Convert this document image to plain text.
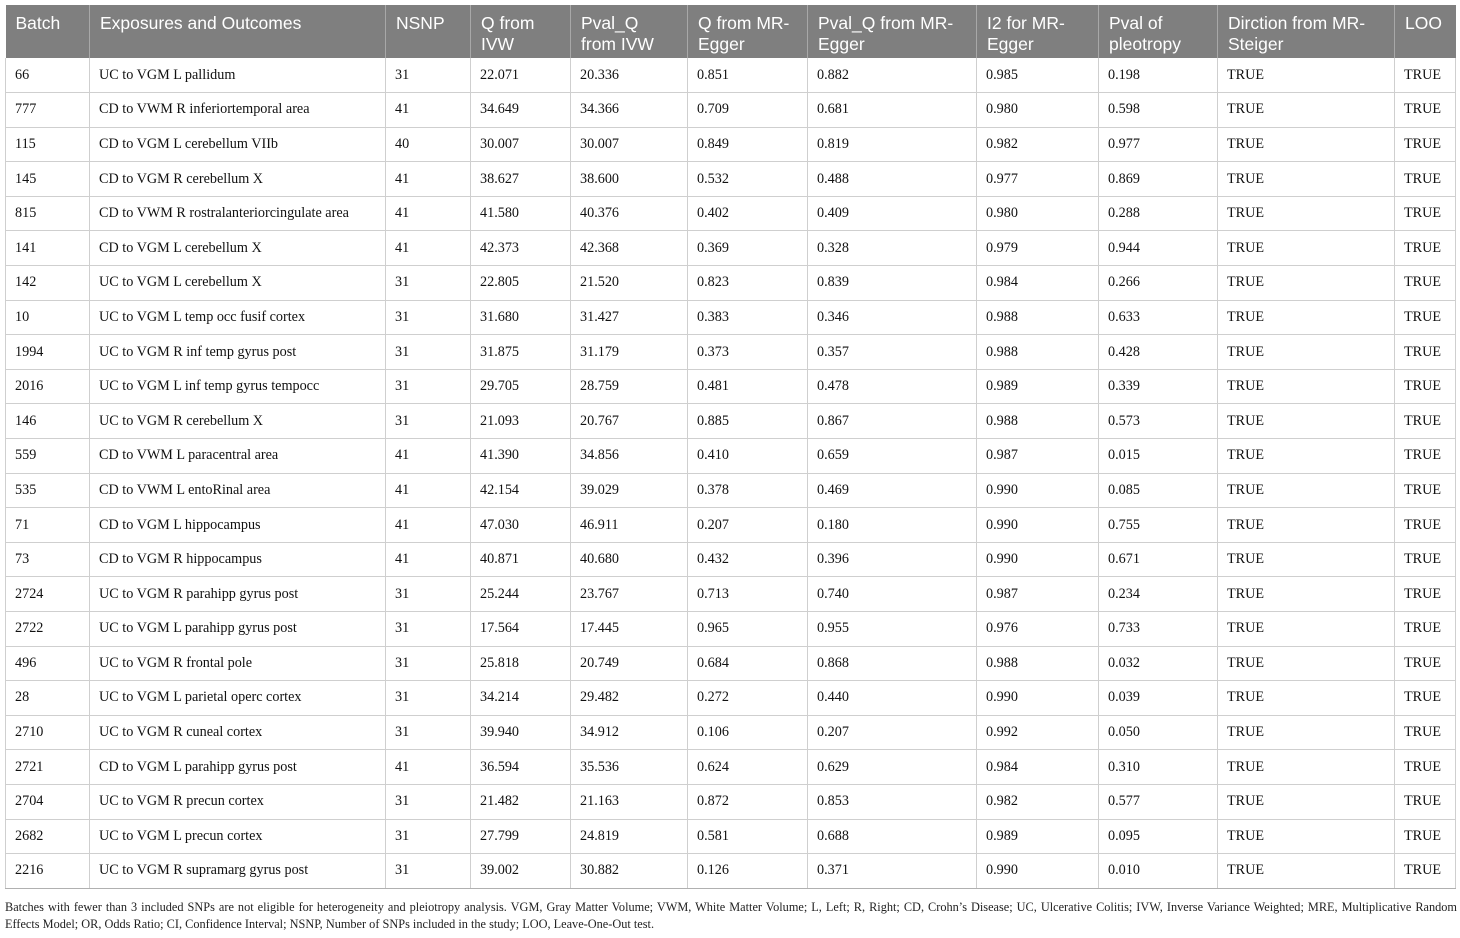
Batch	Exposures and Outcomes	NSNP	Q from IVW	Pval_Q from IVW	Q from MR-Egger	Pval_Q from MR-Egger	I2 for MR-Egger	Pval of pleotropy	Dirction from MR-Steiger	LOO
66	UC to VGM L pallidum	31	22.071	20.336	0.851	0.882	0.985	0.198	TRUE	TRUE
777	CD to VWM R inferiortemporal area	41	34.649	34.366	0.709	0.681	0.980	0.598	TRUE	TRUE
115	CD to VGM L cerebellum VIIb	40	30.007	30.007	0.849	0.819	0.982	0.977	TRUE	TRUE
145	CD to VGM R cerebellum X	41	38.627	38.600	0.532	0.488	0.977	0.869	TRUE	TRUE
815	CD to VWM R rostralanteriorcingulate area	41	41.580	40.376	0.402	0.409	0.980	0.288	TRUE	TRUE
141	CD to VGM L cerebellum X	41	42.373	42.368	0.369	0.328	0.979	0.944	TRUE	TRUE
142	UC to VGM L cerebellum X	31	22.805	21.520	0.823	0.839	0.984	0.266	TRUE	TRUE
10	UC to VGM L temp occ fusif cortex	31	31.680	31.427	0.383	0.346	0.988	0.633	TRUE	TRUE
1994	UC to VGM R inf temp gyrus post	31	31.875	31.179	0.373	0.357	0.988	0.428	TRUE	TRUE
2016	UC to VGM L inf temp gyrus tempocc	31	29.705	28.759	0.481	0.478	0.989	0.339	TRUE	TRUE
146	UC to VGM R cerebellum X	31	21.093	20.767	0.885	0.867	0.988	0.573	TRUE	TRUE
559	CD to VWM L paracentral area	41	41.390	34.856	0.410	0.659	0.987	0.015	TRUE	TRUE
535	CD to VWM L entoRinal area	41	42.154	39.029	0.378	0.469	0.990	0.085	TRUE	TRUE
71	CD to VGM L hippocampus	41	47.030	46.911	0.207	0.180	0.990	0.755	TRUE	TRUE
73	CD to VGM R hippocampus	41	40.871	40.680	0.432	0.396	0.990	0.671	TRUE	TRUE
2724	UC to VGM R parahipp gyrus post	31	25.244	23.767	0.713	0.740	0.987	0.234	TRUE	TRUE
2722	UC to VGM L parahipp gyrus post	31	17.564	17.445	0.965	0.955	0.976	0.733	TRUE	TRUE
496	UC to VGM R frontal pole	31	25.818	20.749	0.684	0.868	0.988	0.032	TRUE	TRUE
28	UC to VGM L parietal operc cortex	31	34.214	29.482	0.272	0.440	0.990	0.039	TRUE	TRUE
2710	UC to VGM R cuneal cortex	31	39.940	34.912	0.106	0.207	0.992	0.050	TRUE	TRUE
2721	CD to VGM L parahipp gyrus post	41	36.594	35.536	0.624	0.629	0.984	0.310	TRUE	TRUE
2704	UC to VGM R precun cortex	31	21.482	21.163	0.872	0.853	0.982	0.577	TRUE	TRUE
2682	UC to VGM L precun cortex	31	27.799	24.819	0.581	0.688	0.989	0.095	TRUE	TRUE
2216	UC to VGM R supramarg gyrus post	31	39.002	30.882	0.126	0.371	0.990	0.010	TRUE	TRUE
Batches with fewer than 3 included SNPs are not eligible for heterogeneity and pleiotropy analysis. VGM, Gray Matter Volume; VWM, White Matter Volume; L, Left; R, Right; CD, Crohn’s Disease; UC, Ulcerative Colitis; IVW, Inverse Variance Weighted; MRE, Multiplicative Random Effects Model; OR, Odds Ratio; CI, Confidence Interval; NSNP, Number of SNPs included in the study; LOO, Leave-One-Out test.
